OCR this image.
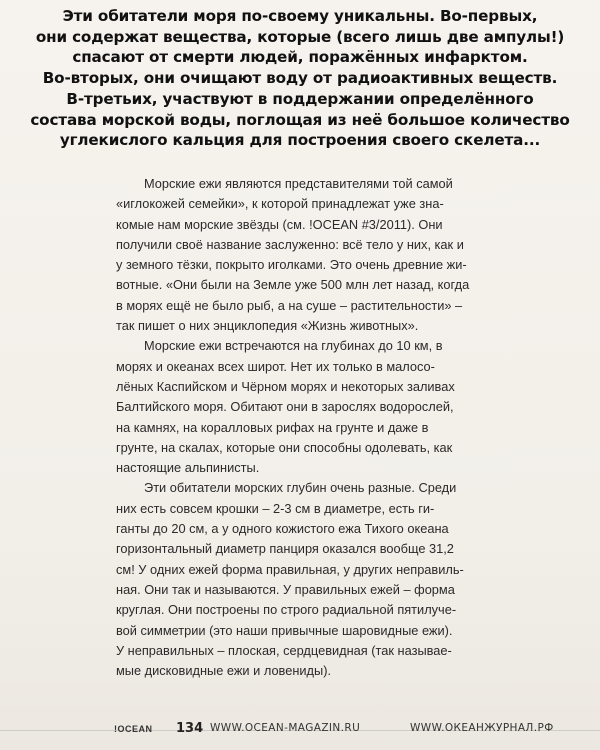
Эти обитатели моря по-своему уникальны. Во-первых,
они содержат вещества, которые (всего лишь две ампулы!)
спасают от смерти людей, поражённых инфарктом.
Во-вторых, они очищают воду от радиоактивных веществ.
В-третьих, участвуют в поддержании определённого
состава морской воды, поглощая из неё большое количество
углекислого кальция для построения своего скелета...
Морские ежи являются представителями той самой
«иглокожей семейки», к которой принадлежат уже зна-
комые нам морские звёзды (см. !OCEAN #3/2011). Они
получили своё название заслуженно: всё тело у них, как и
у земного тёзки, покрыто иголками. Это очень древние жи-
вотные. «Они были на Земле уже 500 млн лет назад, когда
в морях ещё не было рыб, а на суше – растительности» –
так пишет о них энциклопедия «Жизнь животных».
Морские ежи встречаются на глубинах до 10 км, в
морях и океанах всех широт. Нет их только в малосо-
лёных Каспийском и Чёрном морях и некоторых заливах
Балтийского моря. Обитают они в зарослях водорослей,
на камнях, на коралловых рифах на грунте и даже в
грунте, на скалах, которые они способны одолевать, как
настоящие альпинисты.
Эти обитатели морских глубин очень разные. Среди
них есть совсем крошки – 2-3 см в диаметре, есть ги-
ганты до 20 см, а у одного кожистого ежа Тихого океана
горизонтальный диаметр панциря оказался вообще 31,2
см! У одних ежей форма правильная, у других неправиль-
ная. Они так и называются. У правильных ежей – форма
круглая. Они построены по строго радиальной пятилуче-
вой симметрии (это наши привычные шаровидные ежи).
У неправильных – плоская, сердцевидная (так называе-
мые дисковидные ежи и ловениды).
!OCEAN 134 WWW.OCEAN-MAGAZIN.RU	WWW.ОКЕАНЖУРНАЛ.РФ
